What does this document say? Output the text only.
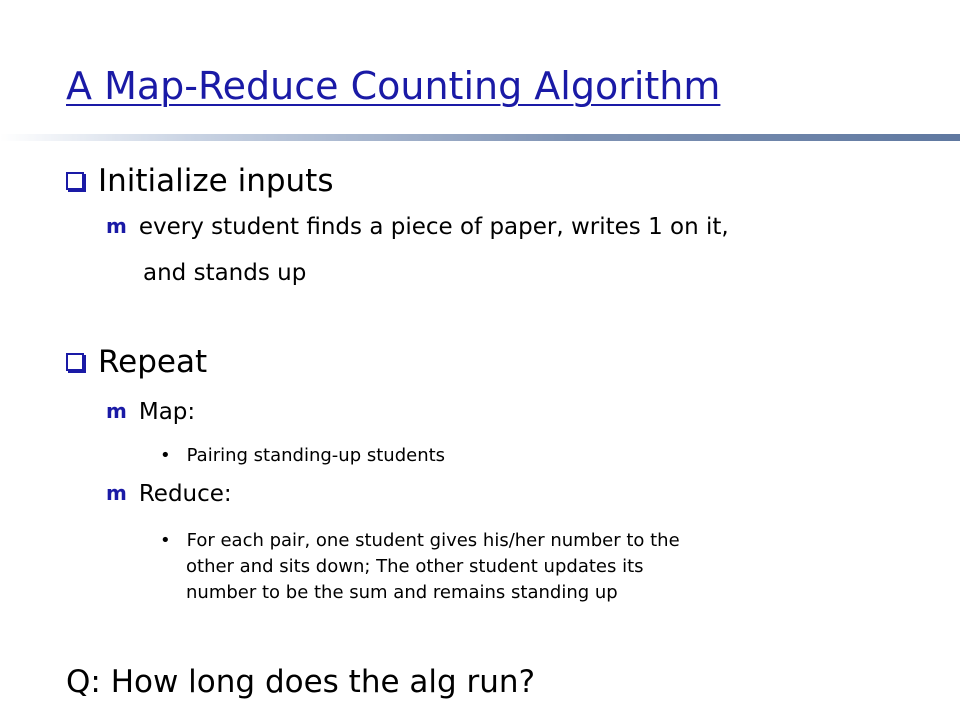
A Map-Reduce Counting Algorithm
Initialize inputs
m every student finds a piece of paper, writes 1 on it,
and stands up
Repeat
m Map:
• Pairing standing-up students
m Reduce:
• For each pair, one student gives his/her number to the
other and sits down; The other student updates its
number to be the sum and remains standing up
Q: How long does the alg run?
